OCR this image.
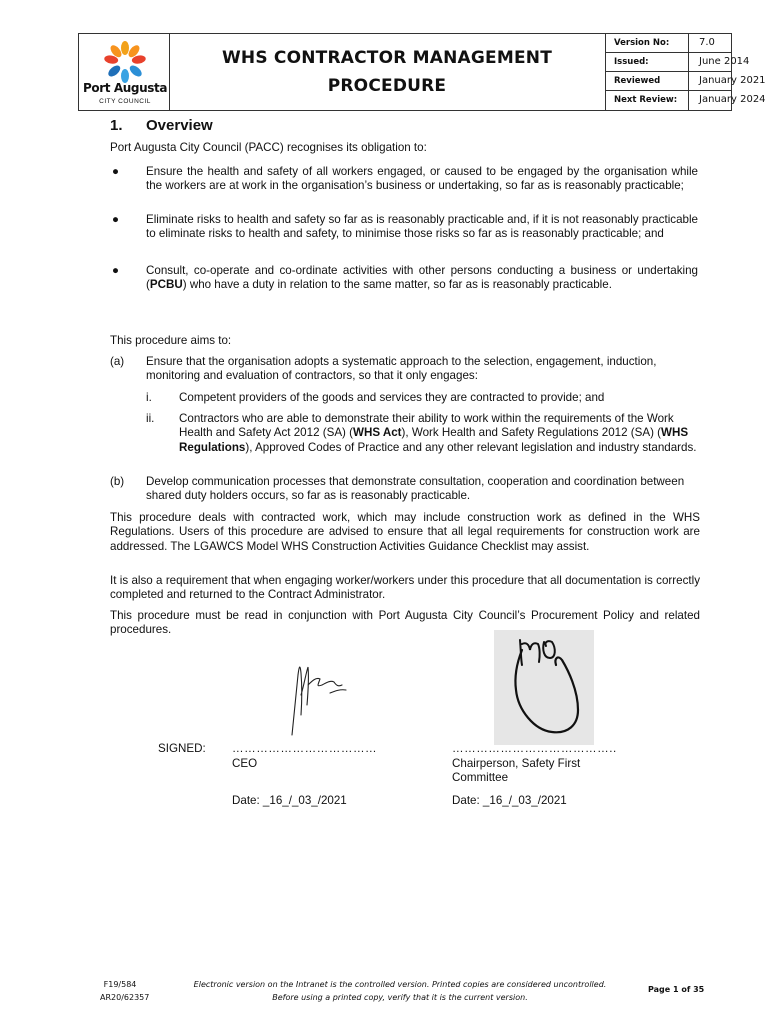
Port Augusta
CITY COUNCIL
WHS CONTRACTOR MANAGEMENT
PROCEDURE
Version No:	7.0
Issued:	June 2014
Reviewed	January 2021
Next Review:	January 2024
1. Overview
Port Augusta City Council (PACC) recognises its obligation to:
● Ensure the health and safety of all workers engaged, or caused to be engaged by the organisation while the workers are at work in the organisation’s business or undertaking, so far as is reasonably practicable;
● Eliminate risks to health and safety so far as is reasonably practicable and, if it is not reasonably practicable to eliminate risks to health and safety, to minimise those risks so far as is reasonably practicable; and
● Consult, co-operate and co-ordinate activities with other persons conducting a business or undertaking (PCBU) who have a duty in relation to the same matter, so far as is reasonably practicable.
This procedure aims to:
(a) Ensure that the organisation adopts a systematic approach to the selection, engagement, induction, monitoring and evaluation of contractors, so that it only engages:
i. Competent providers of the goods and services they are contracted to provide; and
ii. Contractors who are able to demonstrate their ability to work within the requirements of the Work Health and Safety Act 2012 (SA) (WHS Act), Work Health and Safety Regulations 2012 (SA) (WHS Regulations), Approved Codes of Practice and any other relevant legislation and industry standards.
(b) Develop communication processes that demonstrate consultation, cooperation and coordination between shared duty holders occurs, so far as is reasonably practicable.
This procedure deals with contracted work, which may include construction work as defined in the WHS Regulations. Users of this procedure are advised to ensure that all legal requirements for construction work are addressed. The LGAWCS Model WHS Construction Activities Guidance Checklist may assist.
It is also a requirement that when engaging worker/workers under this procedure that all documentation is correctly completed and returned to the Contract Administrator.
This procedure must be read in conjunction with Port Augusta City Council’s Procurement Policy and related procedures.
SIGNED: ………………………………
CEO
Date: _16_/_03_/2021
…………………………………..
Chairperson, Safety First
Committee
Date: _16_/_03_/2021
F19/584
AR20/62357
Electronic version on the Intranet is the controlled version. Printed copies are considered uncontrolled.
Before using a printed copy, verify that it is the current version.
Page 1 of 35
